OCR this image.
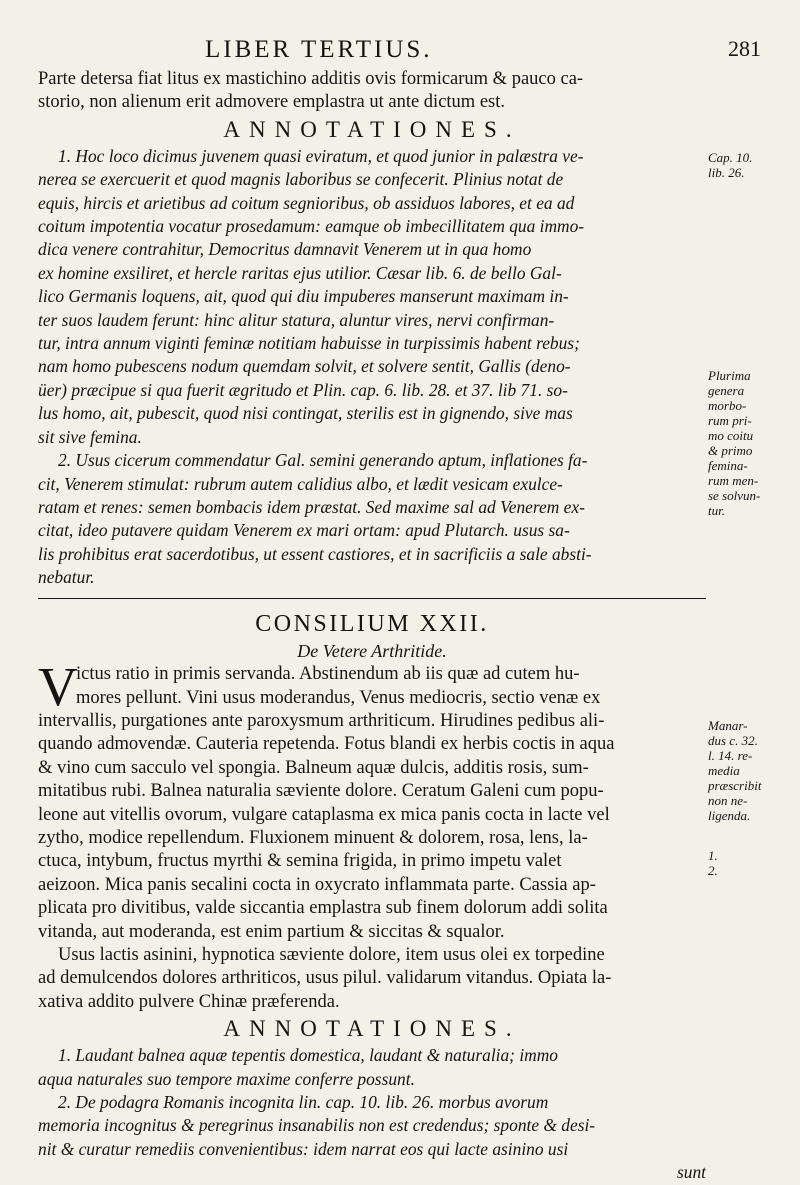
LIBER TERTIUS.	281

Parte detersa fiat litus ex mastichino additis ovis formicarum & pauco ca-

storio, non alienum erit admovere emplastra ut ante dictum est.

ANNOTATIONES.

1. Hoc loco dicimus juvenem quasi eviratum, et quod junior in palæstra ve-

nerea se exercuerit et quod magnis laboribus se confecerit. Plinius notat de

equis, hircis et arietibus ad coitum segnioribus, ob assiduos labores, et ea ad

coitum impotentia vocatur prosedamum: eamque ob imbecillitatem qua immo-

dica venere contrahitur, Democritus damnavit Venerem ut in qua homo

ex homine exsiliret, et hercle raritas ejus utilior. Cæsar lib. 6. de bello Gal-

lico Germanis loquens, ait, quod qui diu impuberes manserunt maximam in-

ter suos laudem ferunt: hinc alitur statura, aluntur vires, nervi confirman-

tur, intra annum viginti feminæ notitiam habuisse in turpissimis habent rebus;

nam homo pubescens nodum quemdam solvit, et solvere sentit, Gallis (deno-

üer) præcipue si qua fuerit ægritudo et Plin. cap. 6. lib. 28. et 37. lib 71. so-

lus homo, ait, pubescit, quod nisi contingat, sterilis est in gignendo, sive mas

sit sive femina.

2. Usus cicerum commendatur Gal. semini generando aptum, inflationes fa-

cit, Venerem stimulat: rubrum autem calidius albo, et lædit vesicam exulce-

ratam et renes: semen bombacis idem præstat. Sed maxime sal ad Venerem ex-

citat, ideo putavere quidam Venerem ex mari ortam: apud Plutarch. usus sa-

lis prohibitus erat sacerdotibus, ut essent castiores, et in sacrificiis a sale absti-

nebatur.

CONSILIUM XXII.

De Vetere Arthritide.

V

ictus ratio in primis servanda. Abstinendum ab iis quæ ad cutem hu-

mores pellunt. Vini usus moderandus, Venus mediocris, sectio venæ ex

intervallis, purgationes ante paroxysmum arthriticum. Hirudines pedibus ali-

quando admovendæ. Cauteria repetenda. Fotus blandi ex herbis coctis in aqua

& vino cum sacculo vel spongia. Balneum aquæ dulcis, additis rosis, sum-

mitatibus rubi. Balnea naturalia sæviente dolore. Ceratum Galeni cum popu-

leone aut vitellis ovorum, vulgare cataplasma ex mica panis cocta in lacte vel

zytho, modice repellendum. Fluxionem minuent & dolorem, rosa, lens, la-

ctuca, intybum, fructus myrthi & semina frigida, in primo impetu valet

aeizoon. Mica panis secalini cocta in oxycrato inflammata parte. Cassia ap-

plicata pro divitibus, valde siccantia emplastra sub finem dolorum addi solita

vitanda, aut moderanda, est enim partium & siccitas & squalor.

Usus lactis asinini, hypnotica sæviente dolore, item usus olei ex torpedine

ad demulcendos dolores arthriticos, usus pilul. validarum vitandus. Opiata la-

xativa addito pulvere Chinæ præferenda.

ANNOTATIONES.

1. Laudant balnea aquæ tepentis domestica, laudant & naturalia; immo

aqua naturales suo tempore maxime conferre possunt.

2. De podagra Romanis incognita lin. cap. 10. lib. 26. morbus avorum

memoria incognitus & peregrinus insanabilis non est credendus; sponte & desi-

nit & curatur remediis convenientibus: idem narrat eos qui lacte asinino usi

sunt

Cap. 10.

lib. 26.

Plurima

genera

morbo-

rum pri-

mo coitu

& primo

femina-

rum men-

se solvun-

tur.

Manar-

dus c. 32.

l. 14. re-

media

præscribit

non ne-

ligenda.

1.

2.
